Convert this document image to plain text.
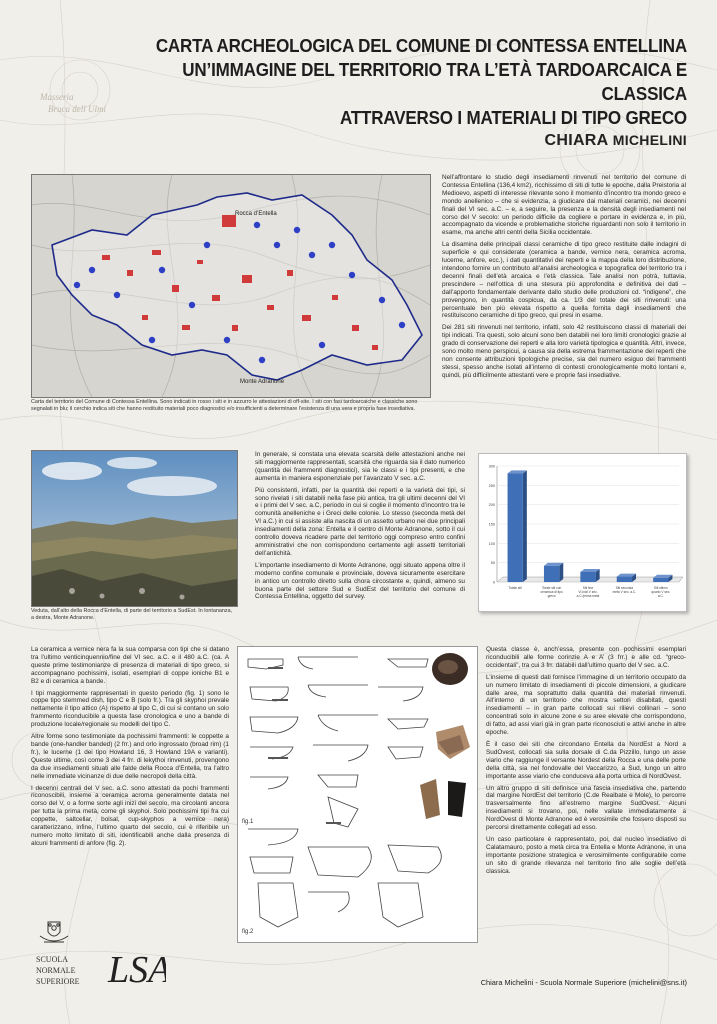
Masseria
Bruca dell Ulmi
CARTA ARCHEOLOGICA DEL COMUNE DI CONTESSA ENTELLINA
UN’IMMAGINE DEL TERRITORIO TRA L’ETÀ TARDOARCAICA E CLASSICA
ATTRAVERSO I MATERIALI DI TIPO GRECO
CHIARA MICHELINI
Rocca d’Entella
Monte Adranone
Carta del territorio del Comune di Contessa Entellina. Sono indicati in rosso i siti e in azzurro le attestazioni di off-site. I siti con fasi tardoarcaiche e classiche sono segnalati in blu; il cerchio indica siti che hanno restituito materiali poco diagnostici e/o insufficienti a determinare l’esistenza di una vera e propria fase insediativa.

Nell’affrontare lo studio degli insediamenti rinvenuti nel territorio del comune di Contessa Entellina (136,4 km2), ricchissimo di siti di tutte le epoche, dalla Preistoria al Medioevo, aspetti di interesse rilevante sono il momento d’incontro tra mondo greco e mondo anellenico – che si evidenzia, a giudicare dai materiali ceramici, nei decenni finali del VI sec. a.C. – e, a seguire, la presenza e la densità degli insediamenti nel corso del V secolo: un periodo difficile da cogliere e portare in evidenza e, in più, accompagnato da vicende e problematiche storiche riguardanti non solo il territorio in esame, ma anche altri centri della Sicilia occidentale.

La disamina delle principali classi ceramiche di tipo greco restituite dalle indagini di superficie e qui considerate (ceramica a bande, vernice nera, ceramica acroma, lucerne, anfore, ecc.), i dati quantitativi dei reperti e la mappa della loro distribuzione, intendono fornire un contributo all’analisi archeologica e topografica del territorio tra i decenni finali dell’età arcaica e l’età classica. Tale analisi non potrà, tuttavia, prescindere – nell’ottica di una stesura più approfondita e definitiva dei dati – dall’apporto fondamentale derivante dallo studio delle produzioni cd. “indigene”, che provengono, in quantità cospicua, da ca. 1/3 del totale dei siti rinvenuti: una percentuale ben più elevata rispetto a quella fornita dagli insediamenti che restituiscono ceramiche di tipo greco, qui presi in esame.

Dei 281 siti rinvenuti nel territorio, infatti, solo 42 restituiscono classi di materiali dei tipi indicati. Tra questi, solo alcuni sono ben databili nei loro limiti cronologici grazie al grado di conservazione dei reperti e alla loro varietà tipologica e quantità. Altri, invece, sono molto meno perspicui, a causa sia della estrema frammentazione dei reperti che non consente attribuzioni tipologiche precise, sia del numero esiguo dei frammenti stessi, spesso anche isolati all’interno di contesti cronologicamente molto lontani e, quindi, più difficilmente attestanti vere e proprie fasi insediative.

Veduta, dall’alto della Rocca d’Entella, di parte del territorio a SudEst. In lontananza, a destra, Monte Adranone.

In generale, si constata una elevata scarsità delle attestazioni anche nei siti maggiormente rappresentati, scarsità che riguarda sia il dato numerico (quantità dei frammenti diagnostici), sia le classi e i tipi presenti, e che aumenta in maniera esponenziale per l’avanzato V sec. a.C.

Più consistenti, infatti, per la quantità dei reperti e la varietà dei tipi, si sono rivelati i siti databili nella fase più antica, tra gli ultimi decenni del VI e i primi del V sec. a.C, periodo in cui si coglie il momento d’incontro tra le comunità anelleniche e i Greci delle colonie. Lo stesso (seconda metà del VI a.C.) in cui si assiste alla nascita di un assetto urbano nei due principali insediamenti della zona: Entella e il centro di Monte Adranone, sotto il cui controllo doveva ricadere parte del territorio oggi compreso entro confini amministrativi che non corrispondono certamente agli assetti territoriali dell’antichità.

L’importante insediamento di Monte Adranone, oggi situato appena oltre il moderno confine comunale e provinciale, doveva sicuramente esercitare in antico un controllo diretto sulla chora circostante e, quindi, almeno su buona parte del settore Sud e SudEst del territorio del comune di Contessa Entellina, oggetto del survey.

0
50
100
150
200
250
300
Totale siti	Totale siti con ceramica di tipo greco
Siti fine VI-inizi V sec. a.C./prima metà
Siti seconda metà V sec. a.C.
Siti ultimo quarto V sec. a.C.

La ceramica a vernice nera fa la sua comparsa con tipi che si datano tra l’ultimo venticinquennio/fine del VI sec. a.C. e il 480 a.C. (ca. A queste prime testimonianze di presenza di materiali di tipo greco, si accompagnano pochissimi, isolati, esemplari di coppe ioniche B1 e B2 e di ceramica a bande.

I tipi maggiormente rappresentati in questo periodo (fig. 1) sono le coppe tipo stemmed dish, tipo C e B (solo fr.). Tra gli skyphoi prevale nettamente il tipo attico (A) rispetto al tipo C, di cui si contano un solo frammento riconducibile a questa fase cronologica e uno a bande di produzione locale/regionale su modelli del tipo C.

Altre forme sono testimoniate da pochissimi frammenti: le coppette a bande (one-handler banded) (2 frr.) and orlo ingrossato (broad rim) (1 fr.), le lucerne (1 dei tipo Howland 16, 3 Howland 19A e varianti). Queste ultime, così come 3 dei 4 frr. di lekythoi rinvenuti, provengono da due insediamenti situati alle falde della Rocca d’Entella, tra l’altro nelle immediate vicinanze di due delle necropoli della città.

I decenni centrali del V sec. a.C. sono attestati da pochi frammenti riconoscibili, insieme a ceramica acroma generalmente datata nel corso del V, o a forme sorte agli inizi del secolo, ma circolanti ancora per tutta la prima metà, come gli skyphoi. Solo pochissimi tipi fra cui coppette, saltcellar, bolsal, cup-skyphos a vernice nera) caratterizzano, infine, l’ultimo quarto del secolo, cui è riferibile un numero molto limitato di siti, identificabili anche dalla presenza di alcuni frammenti di anfore (fig. 2).

fig.1
fig.2

Questa classe è, anch’essa, presente con pochissimi esemplari riconducibili alle forme corinzie A e A’ (3 frr.) e alle cd. “greco-occidentali”, tra cui 3 frr. databili dall’ultimo quarto del V sec. a.C.

L’insieme di questi dati fornisce l’immagine di un territorio occupato da un numero limitato di insediamenti di piccole dimensioni, a giudicare dalle aree, ma soprattutto dalla quantità dei materiali rinvenuti. All’interno di un territorio che mostra settori disabitati, questi insediamenti – in gran parte collocati sui rilievi collinari – sono concentrati solo in alcune zone e su aree elevate che corrispondono, di fatto, ad assi viari già in gran parte riconosciuti e attivi anche in altre epoche.

È il caso dei siti che circondano Entella da NordEst a Nord a SudOvest, collocati sia sulla dorsale di C.da Pizzillo, lungo un asse viario che raggiunge il versante Nordest della Rocca e una delle porte della città, sia nel fondovalle del Vaccarizzo, a Sud, lungo un altro importante asse viario che conduceva alla porta urbica di NordOvest.

Un altro gruppo di siti definisce una fascia insediativa che, partendo dal margine NordEst del territorio (C.de Realbate e Mole), lo percorre trasversalmente fino all’estremo margine SudOvest. Alcuni insediamenti si trovano, poi, nelle vallate immediatamente a NordOvest di Monte Adranone ed è verosimile che fossero disposti su percorsi direttamente collegati ad esso.

Un caso particolare è rappresentato, poi, dal nucleo insediativo di Calatamauro, posto a metà circa tra Entella e Monte Adranone, in una importante posizione strategica e verosimilmente configurabile come un sito di grande rilevanza nel territorio fino alle soglie dell’età classica.

SCUOLA
NORMALE
SUPERIORE LSA	Chiara Michelini - Scuola Normale Superiore (michelini@sns.it)
